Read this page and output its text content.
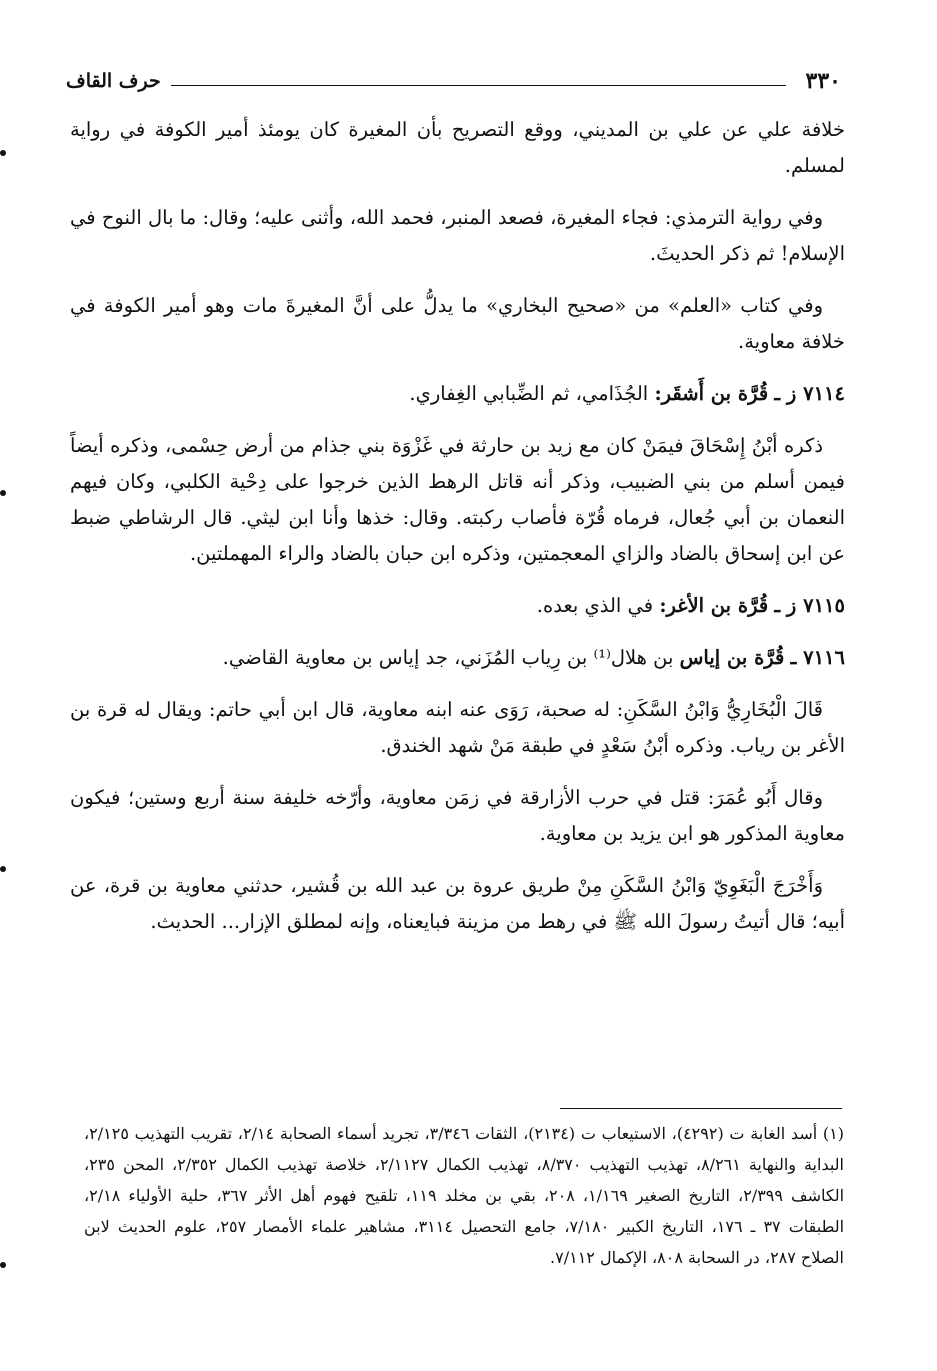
٣٣٠
حرف القاف

خلافة علي عن علي بن المديني، ووقع التصريح بأن المغيرة كان يومئذ أمير الكوفة في رواية لمسلم.

وفي رواية الترمذي: فجاء المغيرة، فصعد المنبر، فحمد الله، وأثنى عليه؛ وقال: ما بال النوح في الإسلام! ثم ذكر الحديثَ.

وفي كتاب «العلم» من «صحيح البخاري» ما يدلُّ على أنَّ المغيرةَ مات وهو أمير الكوفة في خلافة معاوية.

٧١١٤ ز ـ قُرَّة بن أَشقَر: الجُذَامي، ثم الضِّبابي الغِفاري.

ذكره أبْنُ إِسْحَاقَ فيمَنْ كان مع زيد بن حارثة في غَزْوَة بني جذام من أرض حِسْمى، وذكره أيضاً فيمن أسلم من بني الضبيب، وذكر أنه قاتل الرهط الذين خرجوا على دِحْية الكلبي، وكان فيهم النعمان بن أبي جُعال، فرماه قُرّة فأصاب ركبته. وقال: خذها وأنا ابن ليثي. قال الرشاطي ضبط عن ابن إسحاق بالضاد والزاي المعجمتين، وذكره ابن حبان بالضاد والراء المهملتين.

٧١١٥ ز ـ قُرَّة بن الأغر: في الذي بعده.

٧١١٦ ـ قُرَّة بن إياس بن هلال⁽¹⁾ بن رِياب المُزَني، جد إياس بن معاوية القاضي.

قَالَ الْبُخَارِيُّ وَابْنُ السَّكَنِ: له صحبة، رَوَى عنه ابنه معاوية، قال ابن أبي حاتم: ويقال له قرة بن الأغر بن رياب. وذكره أبْنُ سَعْدٍ في طبقة مَنْ شهد الخندق.

وقال أَبُو عُمَرَ: قتل في حرب الأزارقة في زمَن معاوية، وأرّخه خليفة سنة أربع وستين؛ فيكون معاوية المذكور هو ابن يزيد بن معاوية.

وَأَخْرَجَ الْبَغَوِيّ وَابْنُ السَّكَنِ مِنْ طريق عروة بن عبد الله بن قُشير، حدثني معاوية بن قرة، عن أبيه؛ قال أتيتُ رسولَ الله ﷺ في رهط من مزينة فبايعناه، وإنه لمطلق الإزار... الحديث.

(١) أسد الغابة ت (٤٢٩٢)، الاستيعاب ت (٢١٣٤)، الثقات ٣/٣٤٦، تجريد أسماء الصحابة ٢/١٤، تقريب التهذيب ٢/١٢٥، البداية والنهاية ٨/٢٦١، تهذيب التهذيب ٨/٣٧٠، تهذيب الكمال ٢/١١٢٧، خلاصة تهذيب الكمال ٢/٣٥٢، المحن ٢٣٥، الكاشف ٢/٣٩٩، التاريخ الصغير ١/١٦٩، ٢٠٨، بقي بن مخلد ١١٩، تلقيح فهوم أهل الأثر ٣٦٧، حلية الأولياء ٢/١٨، الطبقات ٣٧ ـ ١٧٦، التاريخ الكبير ٧/١٨٠، جامع التحصيل ٣١١٤، مشاهير علماء الأمصار ٢٥٧، علوم الحديث لابن الصلاح ٢٨٧، در السحابة ٨٠٨، الإكمال ٧/١١٢.
